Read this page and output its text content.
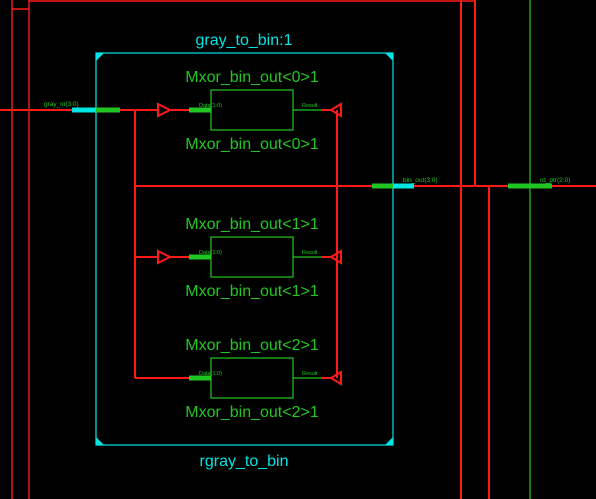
gray_to_bin:1
rgray_to_bin
gray_in(3:0)
bin_out(3:0)	rd_ptr(2:0)
Mxor_bin_out<0>1
Data(1:0)	Result
Mxor_bin_out<0>1
Mxor_bin_out<1>1
Data(1:0)	Result
Mxor_bin_out<1>1
Mxor_bin_out<2>1
Data(1:0)	Result
Mxor_bin_out<2>1
